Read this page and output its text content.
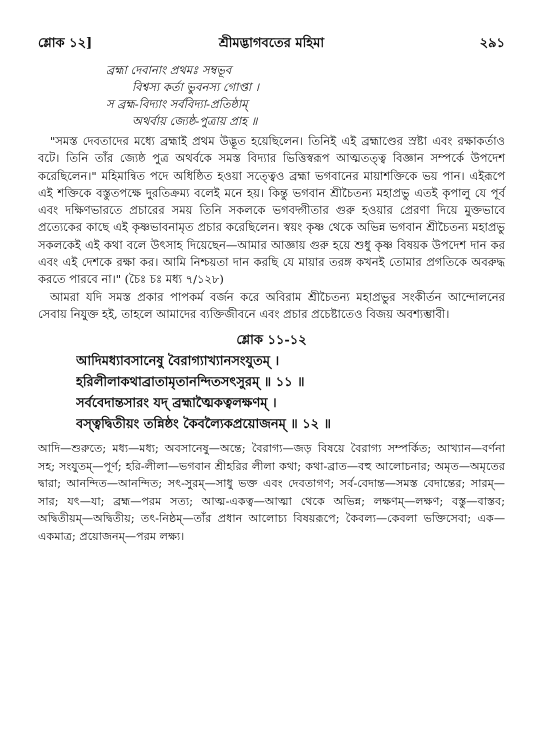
শ্লোক ১২]	শ্রীমদ্ভাগবতের মহিমা	২৯১
ব্রহ্মা দেবানাং প্রথমঃ সম্বভূব
বিশ্বস্য কর্তা ভুবনস্য গোপ্তা ।
স ব্রহ্ম-বিদ্যাং সর্ববিদ্যা-প্রতিষ্ঠাম্
অথর্বায় জ্যেষ্ঠ-পুত্রায় প্রাহ ॥

"সমস্ত দেবতাদের মধ্যে ব্রহ্মাই প্রথম উদ্ভূত হয়েছিলেন। তিনিই এই ব্রহ্মাণ্ডের স্রষ্টা এবং রক্ষাকর্তাও বটে। তিনি তাঁর জ্যেষ্ঠ পুত্র অথর্বকে সমস্ত বিদ্যার ভিত্তিস্বরূপ আত্মতত্ত্ব বিজ্ঞান সম্পর্কে উপদেশ করেছিলেন।" মহিমান্বিত পদে অধিষ্ঠিত হওয়া সত্ত্বেও ব্রহ্মা ভগবানের মায়াশক্তিকে ভয় পান। এইরূপে এই শক্তিকে বস্তুতপক্ষে দুরতিক্রম্য বলেই মনে হয়। কিন্তু ভগবান শ্রীচৈতন্য মহাপ্রভু এতই কৃপালু যে পূর্ব এবং দক্ষিণভারতে প্রচারের সময় তিনি সকলকে ভগবদ্গীতার গুরু হওয়ার প্রেরণা দিয়ে মুক্তভাবে প্রত্যেকের কাছে এই কৃষ্ণভাবনামৃত প্রচার করেছিলেন। স্বয়ং কৃষ্ণ থেকে অভিন্ন ভগবান শ্রীচৈতন্য মহাপ্রভু সকলকেই এই কথা বলে উৎসাহ দিয়েছেন—আমার আজ্ঞায় গুরু হয়ে শুধু কৃষ্ণ বিষয়ক উপদেশ দান কর এবং এই দেশকে রক্ষা কর। আমি নিশ্চয়তা দান করছি যে মায়ার তরঙ্গ কখনই তোমার প্রগতিকে অবরুদ্ধ করতে পারবে না।" (চৈঃ চঃ মধ্য ৭/১২৮)

আমরা যদি সমস্ত প্রকার পাপকর্ম বর্জন করে অবিরাম শ্রীচৈতন্য মহাপ্রভুর সংকীর্তন আন্দোলনের সেবায় নিযুক্ত হই, তাহলে আমাদের ব্যক্তিজীবনে এবং প্রচার প্রচেষ্টাতেও বিজয় অবশ্যম্ভাবী।

শ্লোক ১১-১২
আদিমধ্যাবসানেষু বৈরাগ্যাখ্যানসংযুতম্ ।
হরিলীলাকথাব্রাতামৃতানন্দিতসৎসুরম্ ॥ ১১ ॥
সর্ববেদান্তসারং যদ্ ব্রহ্মাত্মৈকত্বলক্ষণম্ ।
বস্ত্বদ্বিতীয়ং তন্নিষ্ঠং কৈবল্যৈকপ্রয়োজনম্ ॥ ১২ ॥
আদি—শুরুতে; মধ্য—মধ্য; অবসানেষু—অন্তে; বৈরাগ্য—জড় বিষয়ে বৈরাগ্য সম্পর্কিত; আখ্যান—বর্ণনা সহ; সংযুতম্—পূর্ণ; হরি-লীলা—ভগবান শ্রীহরির লীলা কথা; কথা-ব্রাত—বহু আলোচনার; অমৃত—অমৃতের দ্বারা; আনন্দিত—আনন্দিত; সৎ-সুরম্—সাধু ভক্ত এবং দেবতাগণ; সর্ব-বেদান্ত—সমস্ত বেদান্তের; সারম্—সার; যৎ—যা; ব্রহ্ম—পরম সত্য; আত্ম-একত্ব—আত্মা থেকে অভিন্ন; লক্ষণম্—লক্ষণ; বস্তু—বাস্তব; অদ্বিতীয়ম্—অদ্বিতীয়; তৎ-নিষ্ঠম্—তাঁর প্রধান আলোচ্য বিষয়রূপে; কৈবল্য—কেবলা ভক্তিসেবা; এক—একমাত্র; প্রয়োজনম্—পরম লক্ষ্য।
